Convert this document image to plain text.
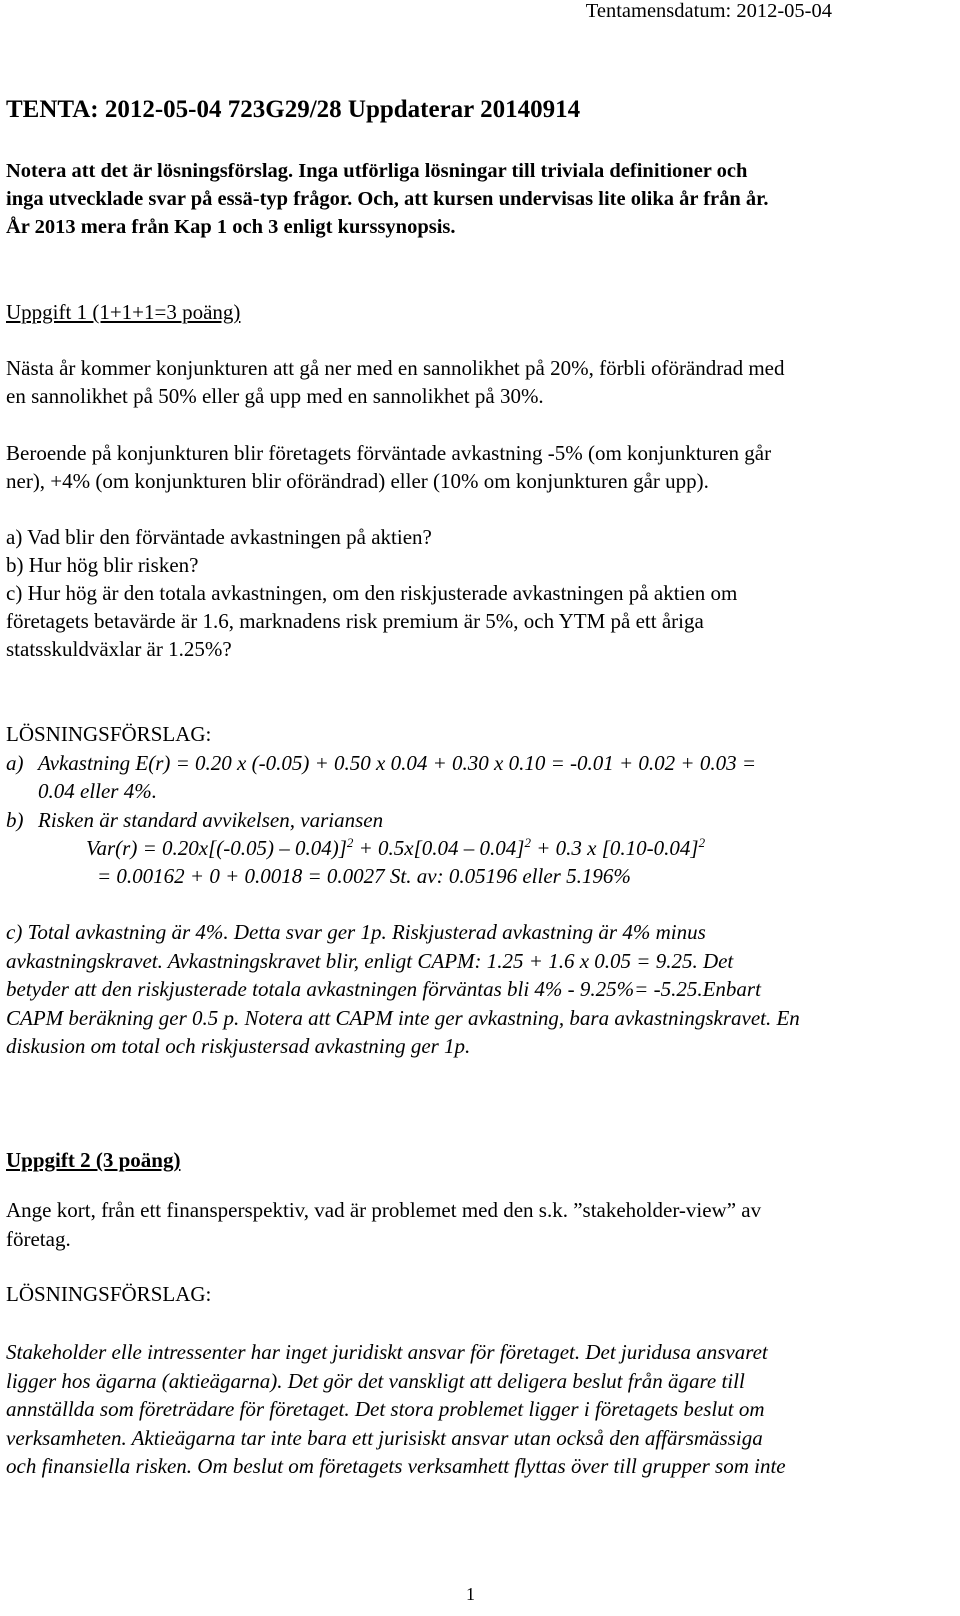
Tentamensdatum: 2012-05-04
TENTA: 2012-05-04 723G29/28 Uppdaterar 20140914
Notera att det är lösningsförslag. Inga utförliga lösningar till triviala definitioner och
inga utvecklade svar på essä-typ frågor. Och, att kursen undervisas lite olika år från år.
År 2013 mera från Kap 1 och 3 enligt kurssynopsis.
Uppgift 1 (1+1+1=3 poäng)
Nästa år kommer konjunkturen att gå ner med en sannolikhet på 20%, förbli oförändrad med
en sannolikhet på 50% eller gå upp med en sannolikhet på 30%.
Beroende på konjunkturen blir företagets förväntade avkastning -5% (om konjunkturen går
ner), +4% (om konjunkturen blir oförändrad) eller (10% om konjunkturen går upp).
a) Vad blir den förväntade avkastningen på aktien?
b) Hur hög blir risken?
c) Hur hög är den totala avkastningen, om den riskjusterade avkastningen på aktien om
företagets betavärde är 1.6, marknadens risk premium är 5%, och YTM på ett åriga
statsskuldväxlar är 1.25%?
LÖSNINGSFÖRSLAG:
a) Avkastning E(r) = 0.20 x (-0.05) + 0.50 x 0.04 + 0.30 x 0.10 = -0.01 + 0.02 + 0.03 =
0.04 eller 4%.
b) Risken är standard avvikelsen, variansen
Var(r) = 0.20x[(-0.05) – 0.04)]$^2$ + 0.5x[0.04 – 0.04]$^2$ + 0.3 x $[0.10-0.04]^2$
= 0.00162 + 0 + 0.0018 = 0.0027 St. av: 0.05196 eller 5.196%
c) Total avkastning är 4%. Detta svar ger 1p. Riskjusterad avkastning är 4% minus
avkastningskravet. Avkastningskravet blir, enligt CAPM: 1.25 + 1.6 x 0.05 = 9.25. Det
betyder att den riskjusterade totala avkastningen förväntas bli 4% - 9.25%= -5.25.Enbart
CAPM beräkning ger 0.5 p. Notera att CAPM inte ger avkastning, bara avkastningskravet. En
diskusion om total och riskjustersad avkastning ger 1p.
Uppgift 2 (3 poäng)
Ange kort, från ett finansperspektiv, vad är problemet med den s.k. ”stakeholder-view” av
företag.
LÖSNINGSFÖRSLAG:
Stakeholder elle intressenter har inget juridiskt ansvar för företaget. Det juridusa ansvaret
ligger hos ägarna (aktieägarna). Det gör det vanskligt att deligera beslut från ägare till
annställda som företrädare för företaget. Det stora problemet ligger i företagets beslut om
verksamheten. Aktieägarna tar inte bara ett jurisiskt ansvar utan också den affärsmässiga
och finansiella risken. Om beslut om företagets verksamhett flyttas över till grupper som inte
1
